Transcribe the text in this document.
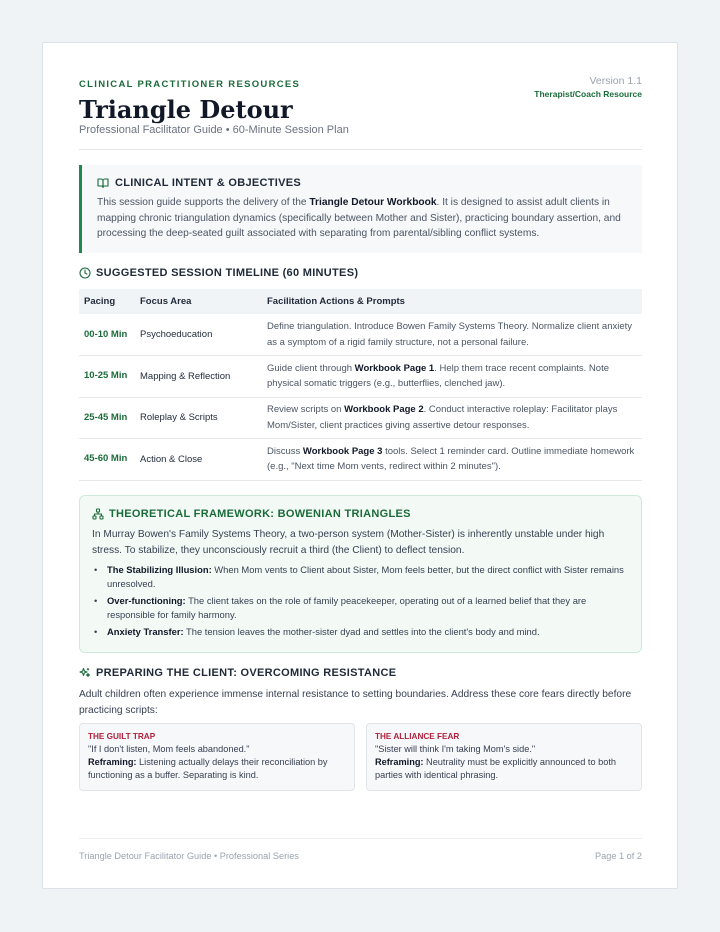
CLINICAL PRACTITIONER RESOURCES
Triangle Detour
Professional Facilitator Guide • 60-Minute Session Plan
Version 1.1
Therapist/Coach Resource
CLINICAL INTENT & OBJECTIVES
This session guide supports the delivery of the Triangle Detour Workbook. It is designed to assist adult clients in mapping chronic triangulation dynamics (specifically between Mother and Sister), practicing boundary assertion, and processing the deep-seated guilt associated with separating from parental/sibling conflict systems.
SUGGESTED SESSION TIMELINE (60 MINUTES)
Pacing	Focus Area	Facilitation Actions & Prompts
00-10 Min	Psychoeducation	Define triangulation. Introduce Bowen Family Systems Theory. Normalize client anxiety as a symptom of a rigid family structure, not a personal failure.
10-25 Min	Mapping & Reflection	Guide client through Workbook Page 1. Help them trace recent complaints. Note physical somatic triggers (e.g., butterflies, clenched jaw).
25-45 Min	Roleplay & Scripts	Review scripts on Workbook Page 2. Conduct interactive roleplay: Facilitator plays Mom/Sister, client practices giving assertive detour responses.
45-60 Min	Action & Close	Discuss Workbook Page 3 tools. Select 1 reminder card. Outline immediate homework (e.g., "Next time Mom vents, redirect within 2 minutes").
THEORETICAL FRAMEWORK: BOWENIAN TRIANGLES
In Murray Bowen's Family Systems Theory, a two-person system (Mother-Sister) is inherently unstable under high stress. To stabilize, they unconsciously recruit a third (the Client) to deflect tension.
• The Stabilizing Illusion: When Mom vents to Client about Sister, Mom feels better, but the direct conflict with Sister remains unresolved.
• Over-functioning: The client takes on the role of family peacekeeper, operating out of a learned belief that they are responsible for family harmony.
• Anxiety Transfer: The tension leaves the mother-sister dyad and settles into the client's body and mind.
PREPARING THE CLIENT: OVERCOMING RESISTANCE
Adult children often experience immense internal resistance to setting boundaries. Address these core fears directly before practicing scripts:
THE GUILT TRAP
"If I don't listen, Mom feels abandoned."
Reframing: Listening actually delays their reconciliation by functioning as a buffer. Separating is kind.
THE ALLIANCE FEAR
"Sister will think I'm taking Mom's side."
Reframing: Neutrality must be explicitly announced to both parties with identical phrasing.
Triangle Detour Facilitator Guide • Professional Series	Page 1 of 2
